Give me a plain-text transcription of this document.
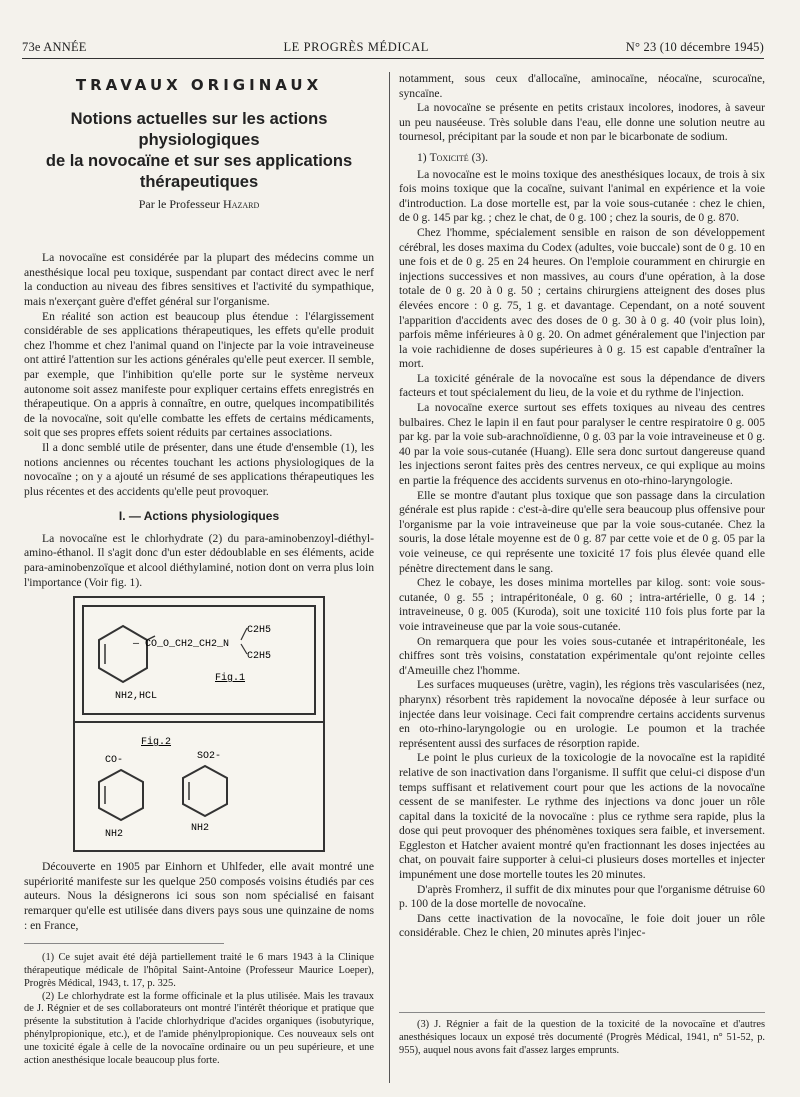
73e ANNÉE	LE PROGRÈS MÉDICAL	N° 23 (10 décembre 1945)
TRAVAUX ORIGINAUX
Notions actuelles sur les actions physiologiques
de la novocaïne et sur ses applications thérapeutiques
Par le Professeur Hazard

La novocaïne est considérée par la plupart des médecins comme un anesthésique local peu toxique, suspendant par contact direct avec le nerf la conduction au niveau des fibres sensitives et l'activité du sympathique, mais n'exerçant guère d'effet général sur l'organisme.

En réalité son action est beaucoup plus étendue : l'élargissement considérable de ses applications thérapeutiques, les effets qu'elle produit chez l'homme et chez l'animal quand on l'injecte par la voie intraveineuse ont attiré l'attention sur les actions générales qu'elle peut exercer. Il semble, par exemple, que l'inhibition qu'elle porte sur le système nerveux autonome soit assez manifeste pour expliquer certains effets enregistrés en thérapeutique. On a appris à connaître, en outre, quelques incompatibilités de la novocaïne, soit qu'elle combatte les effets de certains médicaments, soit que ses propres effets soient réduits par certaines associations.

Il a donc semblé utile de présenter, dans une étude d'ensemble (1), les notions anciennes ou récentes touchant les actions physiologiques de la novocaïne ; on y a ajouté un résumé de ses applications thérapeutiques les plus récentes et des accidents qu'elle peut provoquer.

I. — Actions physiologiques

La novocaïne est le chlorhydrate (2) du para-aminobenzoyl-diéthyl-amino-éthanol. Il s'agit donc d'un ester dédoublable en ses éléments, acide para-aminobenzoïque et alcool diéthylaminé, notion dont on verra plus loin l'importance (Voir fig. 1).

— CO_O_CH2_CH2_N
C2H5
C2H5
NH2,HCL
Fig.1
Fig.2
CO-
NH2
SO2-
NH2

Découverte en 1905 par Einhorn et Uhlfeder, elle avait montré une supériorité manifeste sur les quelque 250 composés voisins étudiés par ces auteurs. Nous la désignerons ici sous son nom spécialisé en faisant remarquer qu'elle est utilisée dans divers pays sous une quinzaine de noms : en France,

(1) Ce sujet avait été déjà partiellement traité le 6 mars 1943 à la Clinique thérapeutique médicale de l'hôpital Saint-Antoine (Professeur Maurice Loeper), Progrès Médical, 1943, t. 17, p. 325.

(2) Le chlorhydrate est la forme officinale et la plus utilisée. Mais les travaux de J. Régnier et de ses collaborateurs ont montré l'intérêt théorique et pratique que présente la substitution à l'acide chlorhydrique d'acides organiques (isobutyrique, phénylpropionique, etc.), et de l'amide phénylpropionique. Ces nouveaux sels ont une toxicité égale à celle de la novocaïne ordinaire ou un peu supérieure, et une action anesthésique locale beaucoup plus forte.

notamment, sous ceux d'allocaïne, aminocaïne, néocaïne, scurocaïne, syncaïne.

La novocaïne se présente en petits cristaux incolores, inodores, à saveur un peu nauséeuse. Très soluble dans l'eau, elle donne une solution neutre au tournesol, précipitant par la soude et non par le bicarbonate de sodium.

1) Toxicité (3).

La novocaïne est le moins toxique des anesthésiques locaux, de trois à six fois moins toxique que la cocaïne, suivant l'animal en expérience et la voie d'introduction. La dose mortelle est, par la voie sous-cutanée : chez le chien, de 0 g. 145 par kg. ; chez le chat, de 0 g. 100 ; chez la souris, de 0 g. 870.

Chez l'homme, spécialement sensible en raison de son développement cérébral, les doses maxima du Codex (adultes, voie buccale) sont de 0 g. 10 en une fois et de 0 g. 25 en 24 heures. On l'emploie couramment en chirurgie en injections successives et non massives, au cours d'une opération, à la dose totale de 0 g. 20 à 0 g. 50 ; certains chirurgiens atteignent des doses plus élevées encore : 0 g. 75, 1 g. et davantage. Cependant, on a noté souvent l'apparition d'accidents avec des doses de 0 g. 30 à 0 g. 40 (voir plus loin), parfois même inférieures à 0 g. 20. On admet généralement que l'injection par la voie rachidienne de doses supérieures à 0 g. 15 est capable d'entraîner la mort.

La toxicité générale de la novocaïne est sous la dépendance de divers facteurs et tout spécialement du lieu, de la voie et du rythme de l'injection.

La novocaïne exerce surtout ses effets toxiques au niveau des centres bulbaires. Chez le lapin il en faut pour paralyser le centre respiratoire 0 g. 005 par kg. par la voie sub-arachnoïdienne, 0 g. 03 par la voie intraveineuse et 0 g. 40 par la voie sous-cutanée (Huang). Elle sera donc surtout dangereuse quand les injections seront faites près des centres nerveux, ce qui explique au moins en partie la fréquence des accidents survenus en oto-rhino-laryngologie.

Elle se montre d'autant plus toxique que son passage dans la circulation générale est plus rapide : c'est-à-dire qu'elle sera beaucoup plus offensive pour l'organisme par la voie intraveineuse que par la voie sous-cutanée. Chez la souris, la dose létale moyenne est de 0 g. 87 par cette voie et de 0 g. 05 par la voie veineuse, ce qui représente une toxicité 17 fois plus élevée quand elle pénètre directement dans le sang.

Chez le cobaye, les doses minima mortelles par kilog. sont: voie sous-cutanée, 0 g. 55 ; intrapéritonéale, 0 g. 60 ; intra-artérielle, 0 g. 14 ; intraveineuse, 0 g. 005 (Kuroda), soit une toxicité 110 fois plus forte par la voie intraveineuse que par la voie sous-cutanée.

On remarquera que pour les voies sous-cutanée et intrapéritonéale, les chiffres sont très voisins, constatation expérimentale qu'ont rejointe celles d'Ameuille chez l'homme.

Les surfaces muqueuses (urètre, vagin), les régions très vascularisées (nez, pharynx) résorbent très rapidement la novocaïne déposée à leur surface ou injectée dans leur voisinage. Ceci fait comprendre certains accidents survenus en oto-rhino-laryngologie ou en urologie. Le poumon et la trachée représentent aussi des surfaces de résorption rapide.

Le point le plus curieux de la toxicologie de la novocaïne est la rapidité relative de son inactivation dans l'organisme. Il suffit que celui-ci dispose d'un temps suffisant et relativement court pour que les actions de la novocaïne cessent de se manifester. Le rythme des injections va donc jouer un rôle capital dans la toxicité de la novocaïne : plus ce rythme sera rapide, plus la dose qui peut provoquer des phénomènes toxiques sera faible, et inversement. Eggleston et Hatcher avaient montré qu'en fractionnant les doses injectées au chat, on pouvait faire supporter à celui-ci plusieurs doses mortelles et injecter impunément une dose mortelle toutes les 20 minutes.

D'après Fromherz, il suffit de dix minutes pour que l'organisme détruise 60 p. 100 de la dose mortelle de novocaïne.

Dans cette inactivation de la novocaïne, le foie doit jouer un rôle considérable. Chez le chien, 20 minutes après l'injec-

(3) J. Régnier a fait de la question de la toxicité de la novocaïne et d'autres anesthésiques locaux un exposé très documenté (Progrès Médical, 1941, n° 51-52, p. 955), auquel nous avons fait d'assez larges emprunts.
